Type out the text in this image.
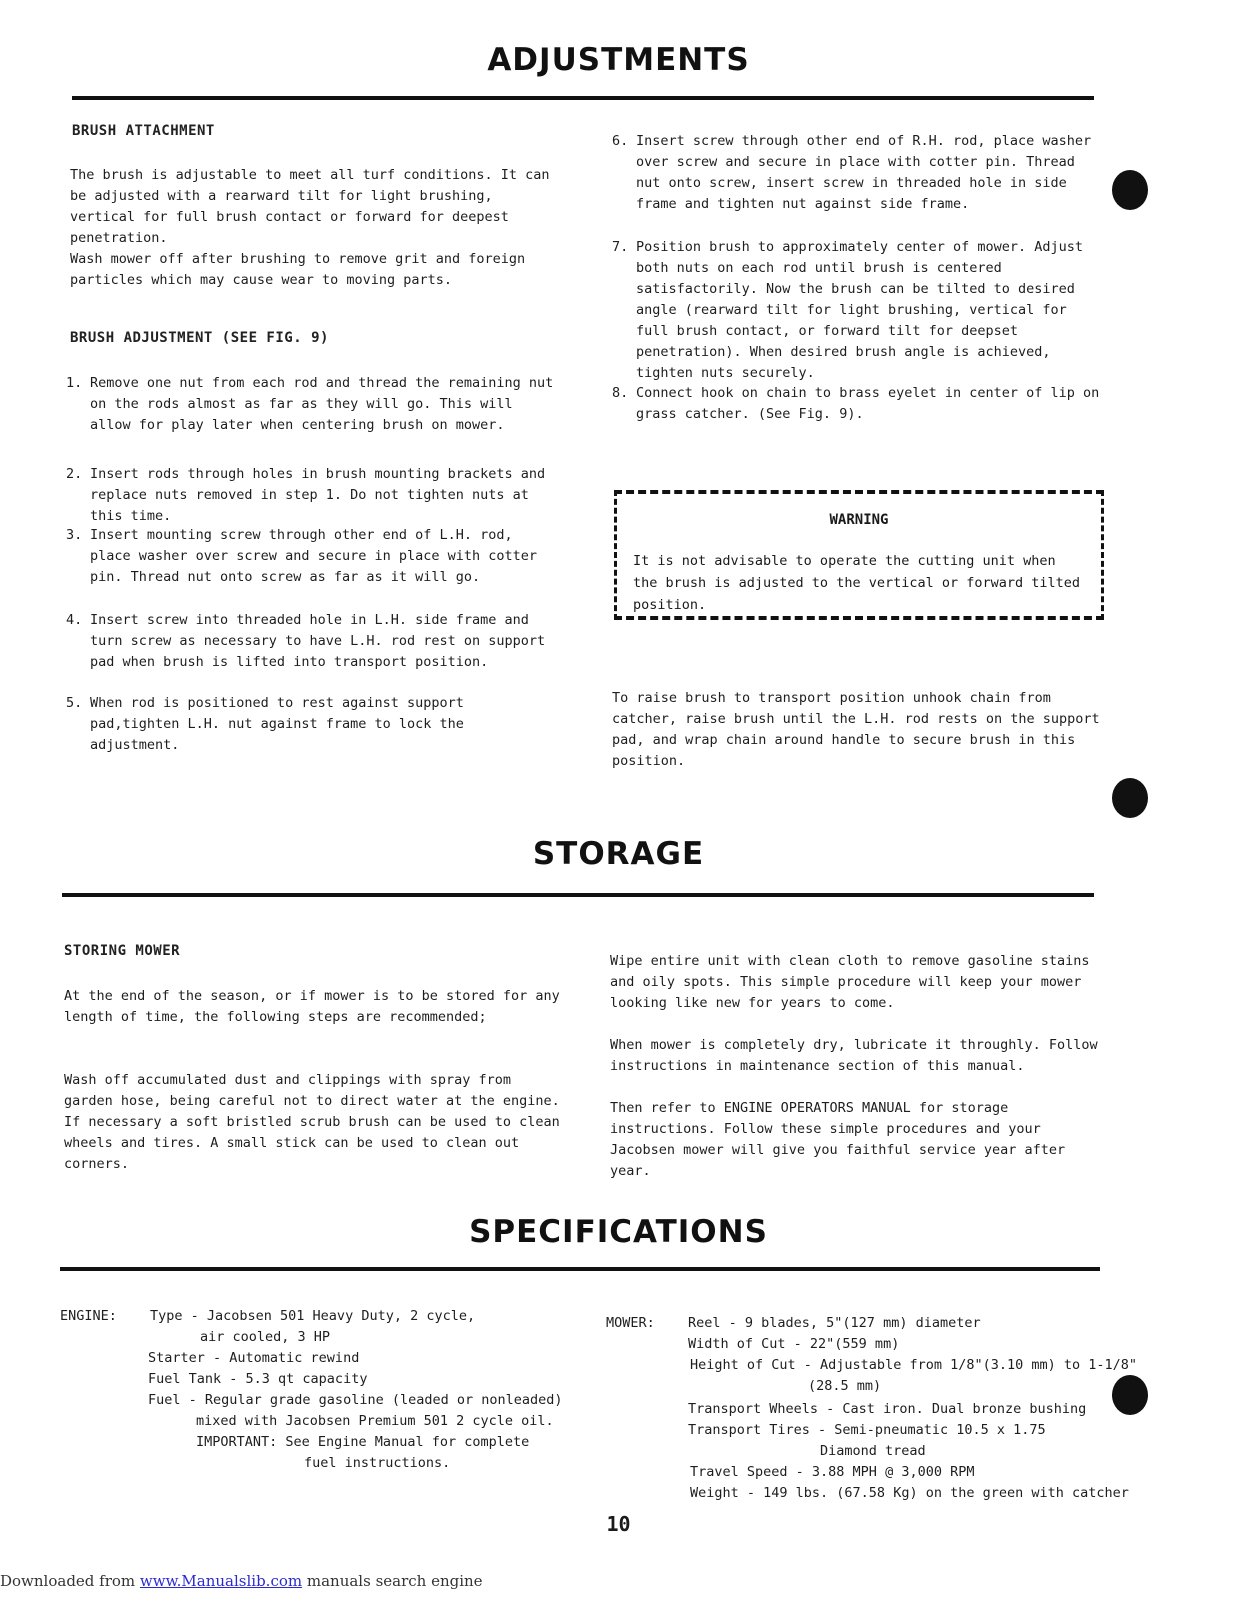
ADJUSTMENTS
BRUSH ATTACHMENT

The brush is adjustable to meet all turf conditions. It can be adjusted with a rearward tilt for light brushing, vertical for full brush contact or forward for deepest penetration.

Wash mower off after brushing to remove grit and foreign particles which may cause wear to moving parts.

BRUSH ADJUSTMENT (SEE FIG. 9)
1. Remove one nut from each rod and thread the remaining nut on the rods almost as far as they will go. This will allow for play later when centering brush on mower.
2. Insert rods through holes in brush mounting brackets and replace nuts removed in step 1. Do not tighten nuts at this time.
3. Insert mounting screw through other end of L.H. rod, place washer over screw and secure in place with cotter pin. Thread nut onto screw as far as it will go.
4. Insert screw into threaded hole in L.H. side frame and turn screw as necessary to have L.H. rod rest on support pad when brush is lifted into transport position.
5. When rod is positioned to rest against support pad,tighten L.H. nut against frame to lock the adjustment.
6. Insert screw through other end of R.H. rod, place washer over screw and secure in place with cotter pin. Thread nut onto screw, insert screw in threaded hole in side frame and tighten nut against side frame.
7. Position brush to approximately center of mower. Adjust both nuts on each rod until brush is centered satisfactorily. Now the brush can be tilted to desired angle (rearward tilt for light brushing, vertical for full brush contact, or forward tilt for deepset penetration). When desired brush angle is achieved, tighten nuts securely.
8. Connect hook on chain to brass eyelet in center of lip on grass catcher. (See Fig. 9).
WARNING
It is not advisable to operate the cutting unit when the brush is adjusted to the vertical or forward tilted position.

To raise brush to transport position unhook chain from catcher, raise brush until the L.H. rod rests on the support pad, and wrap chain around handle to secure brush in this position.

STORAGE
STORING MOWER

At the end of the season, or if mower is to be stored for any length of time, the following steps are recommended;

Wash off accumulated dust and clippings with spray from garden hose, being careful not to direct water at the engine. If necessary a soft bristled scrub brush can be used to clean wheels and tires. A small stick can be used to clean out corners.

Wipe entire unit with clean cloth to remove gasoline stains and oily spots. This simple procedure will keep your mower looking like new for years to come.

When mower is completely dry, lubricate it throughly. Follow instructions in maintenance section of this manual.

Then refer to ENGINE OPERATORS MANUAL for storage instructions. Follow these simple procedures and your Jacobsen mower will give you faithful service year after year.

SPECIFICATIONS
ENGINE: Type - Jacobsen 501 Heavy Duty, 2 cycle,
air cooled, 3 HP
Starter - Automatic rewind
Fuel Tank - 5.3 qt capacity
Fuel - Regular grade gasoline (leaded or nonleaded)
mixed with Jacobsen Premium 501 2 cycle oil.
IMPORTANT: See Engine Manual for complete
fuel instructions.
MOWER: Reel - 9 blades, 5"(127 mm) diameter
Width of Cut - 22"(559 mm)
Height of Cut - Adjustable from 1/8"(3.10 mm) to 1-1/8"
(28.5 mm)
Transport Wheels - Cast iron. Dual bronze bushing
Transport Tires - Semi-pneumatic 10.5 x 1.75
Diamond tread
Travel Speed - 3.88 MPH @ 3,000 RPM
Weight - 149 lbs. (67.58 Kg) on the green with catcher
10
Downloaded from www.Manualslib.com manuals search engine
